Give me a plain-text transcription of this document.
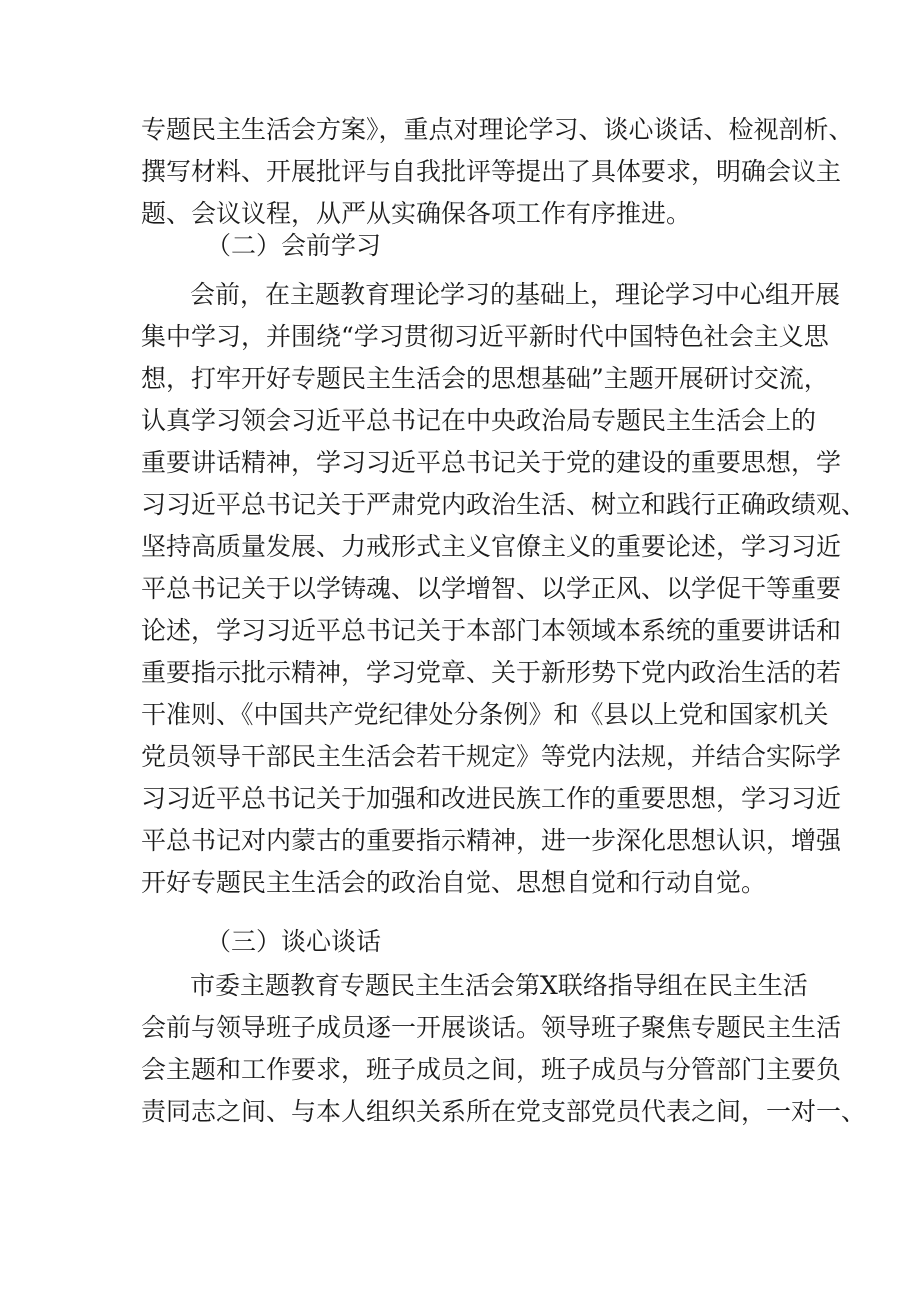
专题民主生活会方案》，重点对理论学习、谈心谈话、检视剖析、
撰写材料、开展批评与自我批评等提出了具体要求，明确会议主
题、会议议程，从严从实确保各项工作有序推进。
（二）会前学习
会前，在主题教育理论学习的基础上，理论学习中心组开展
集中学习，并围绕“学习贯彻习近平新时代中国特色社会主义思
想，打牢开好专题民主生活会的思想基础”主题开展研讨交流，
认真学习领会习近平总书记在中央政治局专题民主生活会上的
重要讲话精神，学习习近平总书记关于党的建设的重要思想，学
习习近平总书记关于严肃党内政治生活、树立和践行正确政绩观、
坚持高质量发展、力戒形式主义官僚主义的重要论述，学习习近
平总书记关于以学铸魂、以学增智、以学正风、以学促干等重要
论述，学习习近平总书记关于本部门本领域本系统的重要讲话和
重要指示批示精神，学习党章、关于新形势下党内政治生活的若
干准则、《中国共产党纪律处分条例》和《县以上党和国家机关
党员领导干部民主生活会若干规定》等党内法规，并结合实际学
习习近平总书记关于加强和改进民族工作的重要思想，学习习近
平总书记对内蒙古的重要指示精神，进一步深化思想认识，增强
开好专题民主生活会的政治自觉、思想自觉和行动自觉。
（三）谈心谈话
市委主题教育专题民主生活会第X联络指导组在民主生活
会前与领导班子成员逐一开展谈话。领导班子聚焦专题民主生活
会主题和工作要求，班子成员之间，班子成员与分管部门主要负
责同志之间、与本人组织关系所在党支部党员代表之间，一对一、
